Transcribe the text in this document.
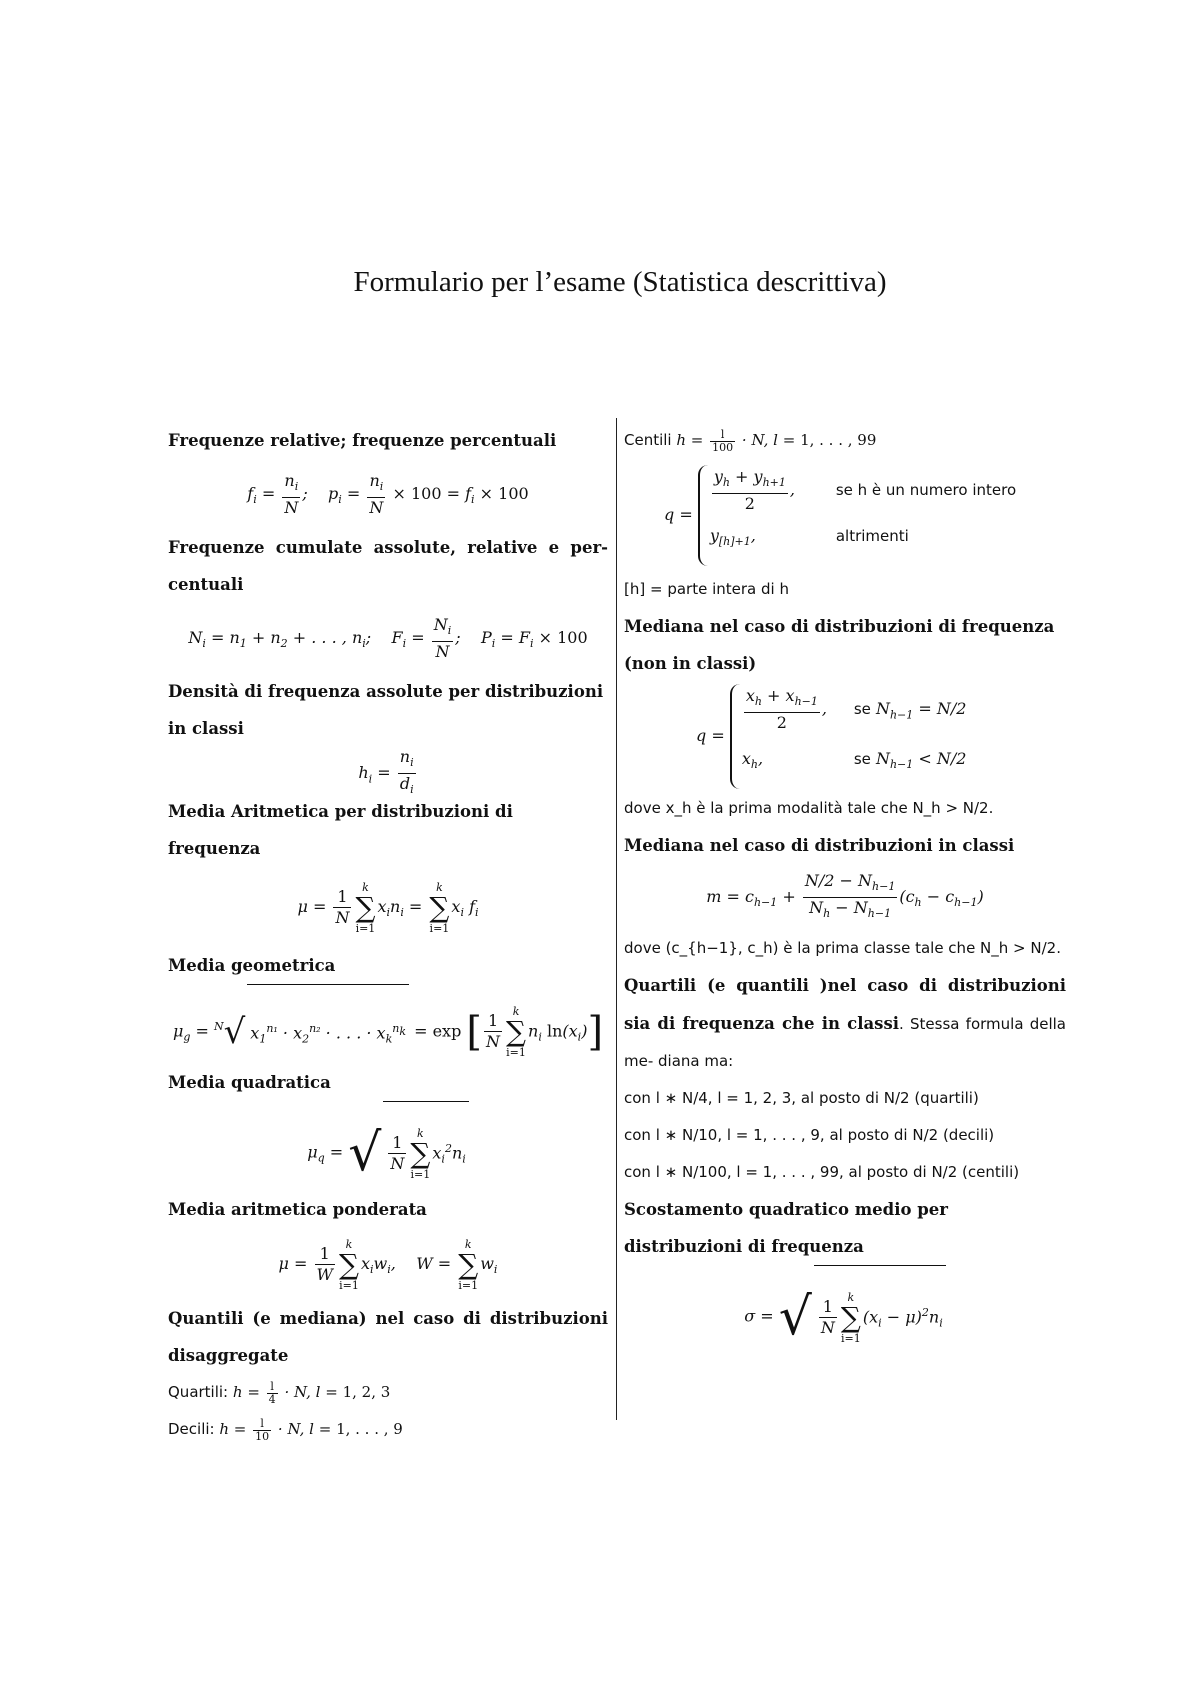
Formulario per l’esame (Statistica descrittiva)

Frequenze relative; frequenze percentuali

$f_i = \frac{n_i}{N}$ ;    $p_i = \frac{n_i}{N} \times 100 = f_i \times 100$

Frequenze cumulate assolute, relative e per- centuali

$N_i = n_1 + n_2$ + . . . , $n_i$;    $F_i = \frac{N_i}{N}$ ;    $P_i = F_i \times 100$

Densità di frequenza assolute per distribuzioni in classi

$h_i = \frac{n_i}{d_i}$

Media Aritmetica per distribuzioni di frequenza

$\mu = \frac{1}{N}$ k
∑
i=1
$x_in_i$ =
k
∑
i=1
$x_i$ $f_i$

Media geometrica

$\mu_g = ^N√$ $x_1^{n_1} \cdot x_2^{n_2}$ · . . . · $x_k^{n_k} = \exp$ [ $\frac{1}{N}$ k
∑
i=1
$n_i$ $\ln(x_i)$]

Media quadratica

$\mu_q$ = √ $\frac{1}{N}$ k
∑
i=1
$x_i^2n_i$

Media aritmetica ponderata

$\mu = \frac{1}{W}$ k
∑
i=1
$x_iw_i$,    W =
k
∑
i=1
$w_i$

Quantili (e mediana) nel caso di distribuzioni disaggregate

Quartili: $h = \frac{l}{4} \cdot N$, l = 1, 2, 3

Decili: $h = \frac{l}{10} \cdot N$, l = 1, . . . , 9

Centili $h = \frac{l}{100} \cdot N$, l = 1, . . . , 99

q =
$\frac{y_h + y_{h+1}}{2}$ ,	se h è un numero intero
$y_{[h]+1}$,	altrimenti

[h] = parte intera di h

Mediana nel caso di distribuzioni di frequenza (non in classi)

q =
$\frac{x_h + x_{h-1}}{2}$ , se $N_{h-1} = N/2$
$x_h$,	se $N_{h-1} < N/2$

dove x_h è la prima modalità tale che N_h > N/2.

Mediana nel caso di distribuzioni in classi

$m = c_{h-1} + \frac{N/2 - N_{h-1}}{N_h - N_{h-1}} (c_h - c_{h-1})$

dove (c_{h−1}, c_h) è la prima classe tale che N_h > N/2.

Quartili (e quantili )nel caso di distribuzioni sia di frequenza che in classi. Stessa formula della me- diana ma:

con l ∗ N/4, l = 1, 2, 3, al posto di N/2 (quartili)

con l ∗ N/10, l = 1, . . . , 9, al posto di N/2 (decili)

con l ∗ N/100, l = 1, . . . , 99, al posto di N/2 (centili)

Scostamento quadratico medio per distribuzioni di frequenza

σ = √ $\frac{1}{N}$ k
∑
i=1
$(x_i - \mu)^2n_i$
